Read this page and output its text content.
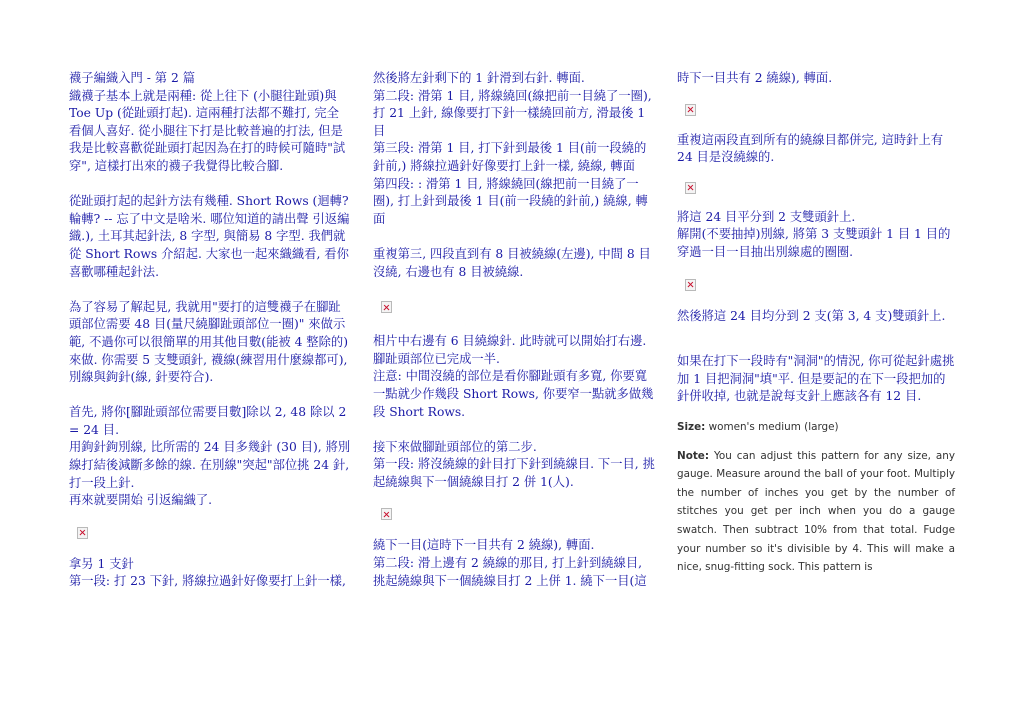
襪子編織入門 - 第 2 篇
織襪子基本上就是兩種: 從上往下 (小腿往趾頭)與 Toe Up (從趾頭打起). 這兩種打法都不難打, 完全看個人喜好. 從小腿往下打是比較普遍的打法, 但是我是比較喜歡從趾頭打起因為在打的時候可隨時"試穿", 這樣打出來的襪子我覺得比較合腳.

從趾頭打起的起針方法有幾種. Short Rows (迴轉?輪轉? -- 忘了中文是啥米. 哪位知道的請出聲 引返編織.), 土耳其起針法, 8 字型, 與簡易 8 字型. 我們就從 Short Rows 介紹起. 大家也一起來織織看, 看你喜歡哪種起針法.

為了容易了解起見, 我就用"要打的這雙襪子在腳趾頭部位需要 48 目(量尺繞腳趾頭部位一圈)" 來做示範, 不過你可以很簡單的用其他目數(能被 4 整除的)來做. 你需要 5 支雙頭針, 襪線(練習用什麼線都可), 別線與鉤針(線, 針要符合).

首先, 將你[腳趾頭部位需要目數]除以 2, 48 除以 2 = 24 目.
用鉤針鉤別線, 比所需的 24 目多幾針 (30 目), 將別線打結後減斷多餘的線. 在別線"突起"部位挑 24 針, 打一段上針.
再來就要開始 引返編織了.

拿另 1 支針
第一段: 打 23 下針, 將線拉過針好像要打上針一樣,

然後將左針剩下的 1 針滑到右針. 轉面.
第二段: 滑第 1 目, 將線繞回(線把前一目繞了一圈), 打 21 上針, 線像要打下針一樣繞回前方, 滑最後 1 目
第三段: 滑第 1 目, 打下針到最後 1 目(前一段繞的針前,) 將線拉過針好像要打上針一樣, 繞線, 轉面
第四段: : 滑第 1 目, 將線繞回(線把前一目繞了一圈), 打上針到最後 1 目(前一段繞的針前,) 繞線, 轉面

重複第三, 四段直到有 8 目被繞線(左邊), 中間 8 目沒繞, 右邊也有 8 目被繞線.

相片中右邊有 6 目繞線針. 此時就可以開始打右邊. 腳趾頭部位已完成一半.
注意: 中間沒繞的部位是看你腳趾頭有多寬, 你要寬一點就少作幾段 Short Rows, 你要窄一點就多做幾段 Short Rows.

接下來做腳趾頭部位的第二步.
第一段: 將沒繞線的針目打下針到繞線目. 下一目, 挑起繞線與下一個繞線目打 2 併 1(人).

繞下一目(這時下一目共有 2 繞線), 轉面.
第二段: 滑上邊有 2 繞線的那目, 打上針到繞線目, 挑起繞線與下一個繞線目打 2 上併 1. 繞下一目(這

時下一目共有 2 繞線), 轉面.

重複這兩段直到所有的繞線目都併完, 這時針上有 24 目是沒繞線的.

將這 24 目平分到 2 支雙頭針上.
解開(不要抽掉)別線, 將第 3 支雙頭針 1 目 1 目的穿過一目一目抽出別線處的圈圈.

然後將這 24 目均分到 2 支(第 3, 4 支)雙頭針上.

如果在打下一段時有"洞洞"的情況, 你可從起針處挑加 1 目把洞洞"填"平. 但是要記的在下一段把加的針併收掉, 也就是說每支針上應該各有 12 目.

Size: women's medium (large)

Note: You can adjust this pattern for any size, any gauge. Measure around the ball of your foot. Multiply the number of inches you get by the number of stitches you get per inch when you do a gauge swatch. Then subtract 10% from that total. Fudge your number so it's divisible by 4. This will make a nice, snug-fitting sock. This pattern is
